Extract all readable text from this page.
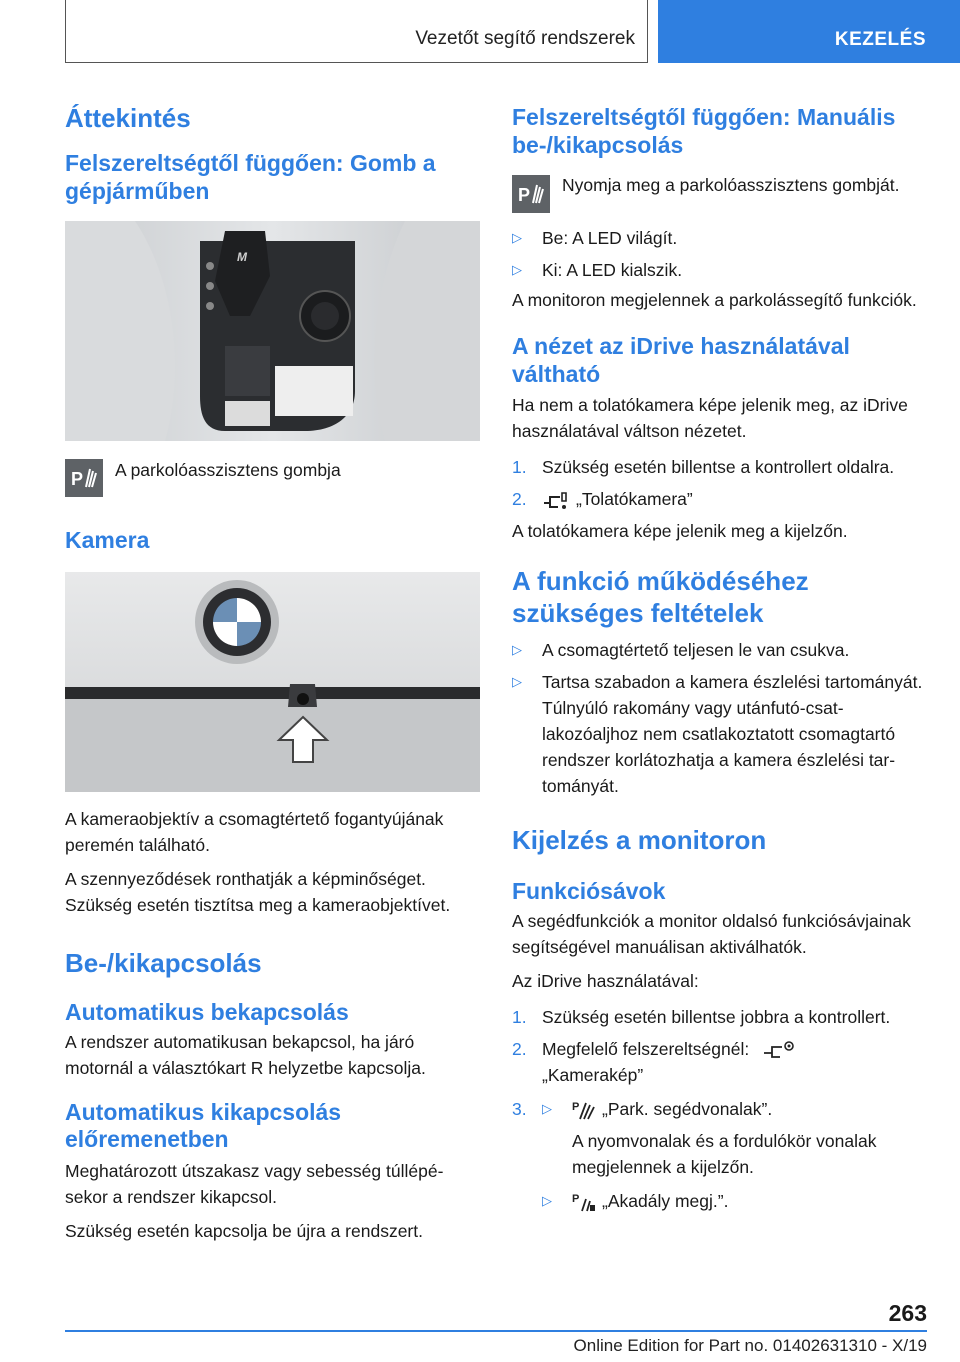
Vezetőt segítő rendszerek	KEZELÉS
Áttekintés
Felszereltségtől függően: Gomb a gépjárműben
M
P A parkolóasszisztens gombja

Kamera

A kameraobjektív a csomagtértető fogantyújának peremén található.

A szennyeződések ronthatják a képminőséget. Szükség esetén tisztítsa meg a kameraobjektívet.

Be-/kikapcsolás
Automatikus bekapcsolás

A rendszer automatikusan bekapcsol, ha járó motornál a választókart R helyzetbe kapcsolja.

Automatikus kikapcsolás előremenetben

Meghatározott útszakasz vagy sebesség túllépésekor a rendszer kikapcsol.

Szükség esetén kapcsolja be újra a rendszert.

Felszereltségtől függően: Manuális be-/kikapcsolás
P Nyomja meg a parkolóasszisztens gombját.

▷	Be: A LED világít.
▷	Ki: A LED kialszik.

A monitoron megjelennek a parkolássegítő funkciók.

A nézet az iDrive használatával váltható

Ha nem a tolatókamera képe jelenik meg, az iDrive használatával váltson nézetet.

1. Szükség esetén billentse a kontrollert oldalra.
2.	„Tolatókamera”

A tolatókamera képe jelenik meg a kijelzőn.

A funkció működéséhez szükséges feltételek
▷	A csomagtértető teljesen le van csukva.
▷	Tartsa szabadon a kamera észlelési tartományát. Túlnyúló rakomány vagy utánfutó-csatlakozóaljhoz nem csatlakoztatott csomagtartó rendszer korlátozhatja a kamera észlelési tartományát.
Kijelzés a monitoron
Funkciósávok

A segédfunkciók a monitor oldalsó funkciósávjainak segítségével manuálisan aktiválhatók.

Az iDrive használatával:

1. Szükség esetén billentse jobbra a kontrollert.
2. Megfelelő felszereltségnél:
„Kamerakép”
3.	▷	P „Park. segédvonalak”.
A nyomvonalak és a fordulókör vonalak megjelennek a kijelzőn.
▷	P „Akadály megj.”.
263
Online Edition for Part no. 01402631310 - X/19
